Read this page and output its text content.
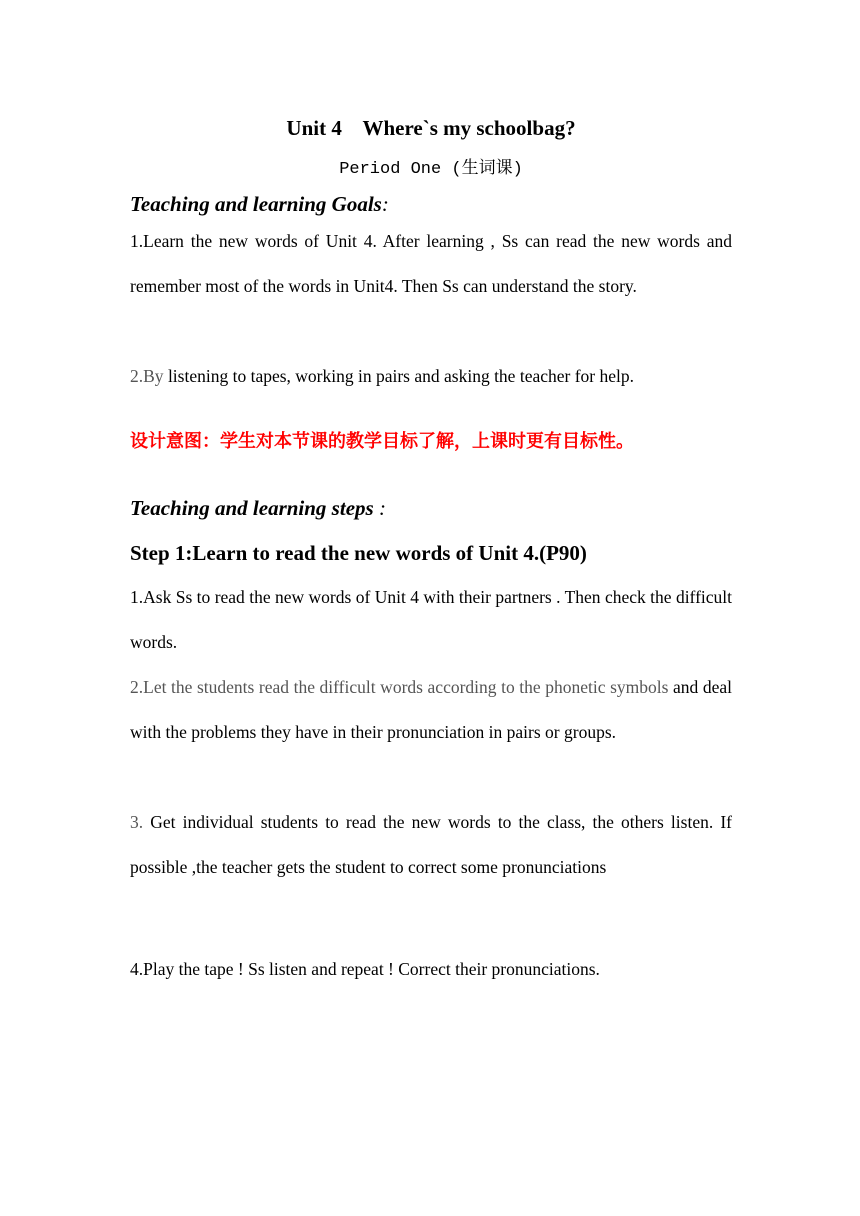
Unit 4    Where`s my schoolbag?
Period One (生词课)
Teaching and learning Goals:
1.Learn the new words of Unit 4. After learning , Ss can read the new words and remember most of the words in Unit4. Then Ss can understand the story.
2.By listening to tapes, working in pairs and asking the teacher for help.
设计意图：学生对本节课的教学目标了解，上课时更有目标性。
Teaching and learning steps :
Step 1:Learn to read the new words of Unit 4.(P90)
1.Ask Ss to read the new words of Unit 4 with their partners . Then check the difficult words.
2.Let the students read the difficult words according to the phonetic symbols and deal with the problems they have in their pronunciation in pairs or groups.
3. Get individual students to read the new words to the class, the others listen. If possible ,the teacher gets the student to correct some pronunciations
4.Play the tape ! Ss listen and repeat ! Correct their pronunciations.
